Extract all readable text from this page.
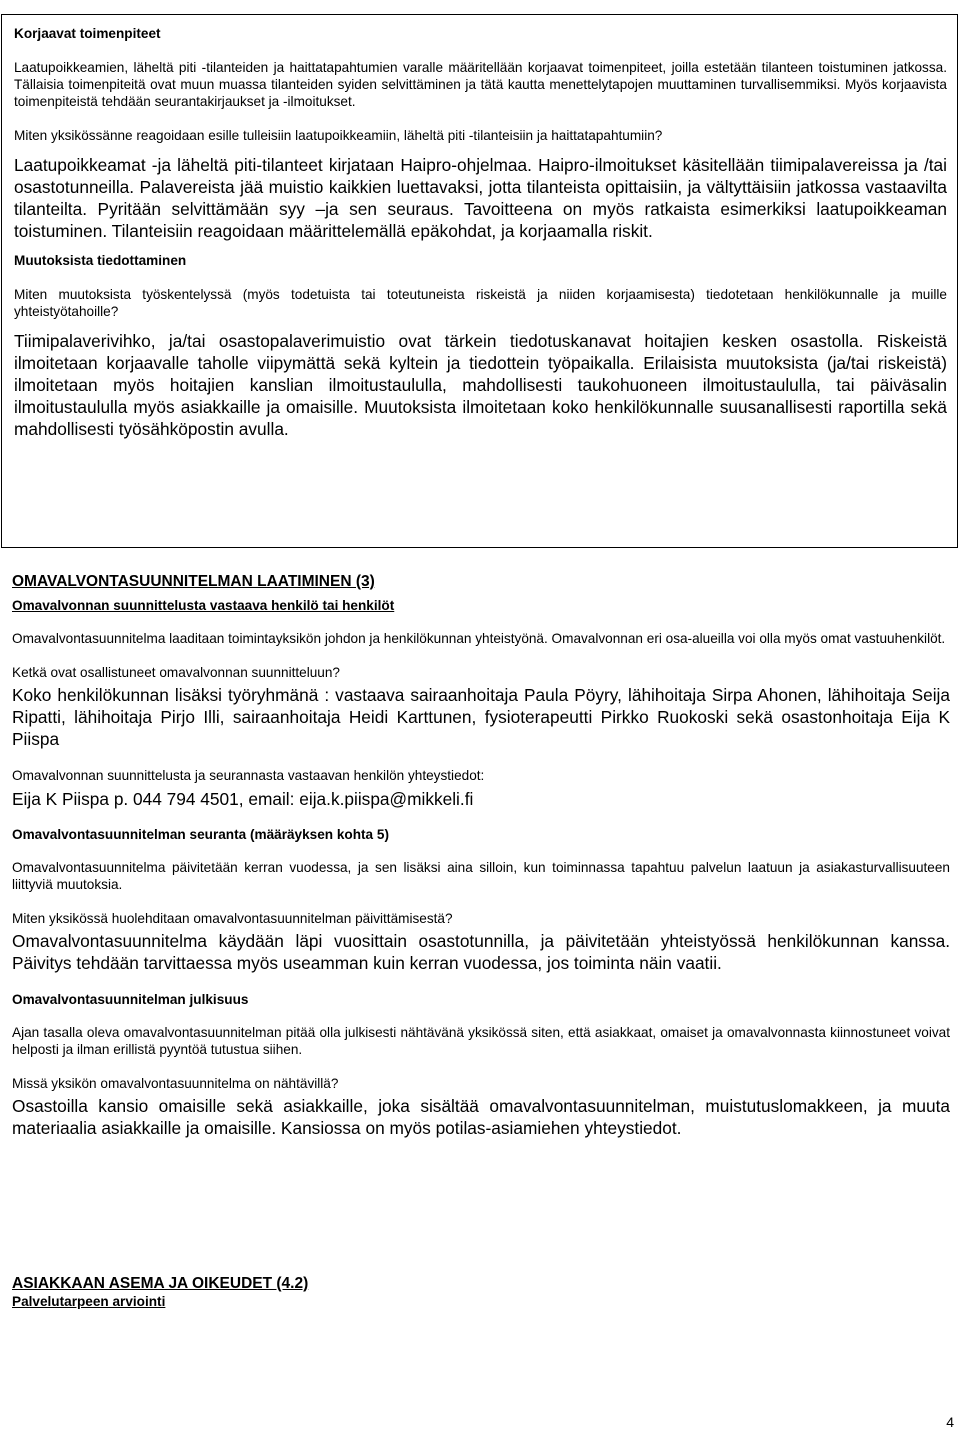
Korjaavat toimenpiteet

Laatupoikkeamien, läheltä piti -tilanteiden ja haittatapahtumien varalle määritellään korjaavat toimenpiteet, joilla estetään tilanteen toistuminen jatkossa. Tällaisia toimenpiteitä ovat muun muassa tilanteiden syiden selvittäminen ja tätä kautta menettelytapojen muuttaminen turvallisemmiksi. Myös korjaavista toimenpiteistä tehdään seurantakirjaukset ja -ilmoitukset.

Miten yksikössänne reagoidaan esille tulleisiin laatupoikkeamiin, läheltä piti -tilanteisiin ja haittatapahtumiin?

Laatupoikkeamat -ja läheltä piti-tilanteet kirjataan Haipro-ohjelmaa. Haipro-ilmoitukset käsitellään tiimipalavereissa ja /tai osastotunneilla. Palavereista jää muistio kaikkien luettavaksi, jotta tilanteista opittaisiin, ja vältyttäisiin jatkossa vastaavilta tilanteilta. Pyritään selvittämään syy –ja sen seuraus. Tavoitteena on myös ratkaista esimerkiksi laatupoikkeaman toistuminen. Tilanteisiin reagoidaan määrittelemällä epäkohdat, ja korjaamalla riskit.

Muutoksista tiedottaminen

Miten muutoksista työskentelyssä (myös todetuista tai toteutuneista riskeistä ja niiden korjaamisesta) tiedotetaan henkilökunnalle ja muille yhteistyötahoille?

Tiimipalaverivihko, ja/tai osastopalaverimuistio ovat tärkein tiedotuskanavat hoitajien kesken osastolla. Riskeistä ilmoitetaan korjaavalle taholle viipymättä sekä kyltein ja tiedottein työpaikalla. Erilaisista muutoksista (ja/tai riskeistä) ilmoitetaan myös hoitajien kanslian ilmoitustaululla, mahdollisesti taukohuoneen ilmoitustaululla, tai päiväsalin ilmoitustaululla myös asiakkaille ja omaisille. Muutoksista ilmoitetaan koko henkilökunnalle suusanallisesti raportilla sekä mahdollisesti työsähköpostin avulla.

OMAVALVONTASUUNNITELMAN LAATIMINEN (3)

Omavalvonnan suunnittelusta vastaava henkilö tai henkilöt

Omavalvontasuunnitelma laaditaan toimintayksikön johdon ja henkilökunnan yhteistyönä. Omavalvonnan eri osa-alueilla voi olla myös omat vastuuhenkilöt.

Ketkä ovat osallistuneet omavalvonnan suunnitteluun?

Koko henkilökunnan lisäksi työryhmänä : vastaava sairaanhoitaja Paula Pöyry, lähihoitaja Sirpa Ahonen, lähihoitaja Seija Ripatti, lähihoitaja Pirjo Illi, sairaanhoitaja Heidi Karttunen, fysioterapeutti Pirkko Ruokoski sekä osastonhoitaja Eija K Piispa

Omavalvonnan suunnittelusta ja seurannasta vastaavan henkilön yhteystiedot:

Eija K Piispa p. 044 794 4501, email: eija.k.piispa@mikkeli.fi

Omavalvontasuunnitelman seuranta (määräyksen kohta 5)

Omavalvontasuunnitelma päivitetään kerran vuodessa, ja sen lisäksi aina silloin, kun toiminnassa tapahtuu palvelun laatuun ja asiakasturvallisuuteen liittyviä muutoksia.

Miten yksikössä huolehditaan omavalvontasuunnitelman päivittämisestä?

Omavalvontasuunnitelma käydään läpi vuosittain osastotunnilla, ja päivitetään yhteistyössä henkilökunnan kanssa. Päivitys tehdään tarvittaessa myös useamman kuin kerran vuodessa, jos toiminta näin vaatii.

Omavalvontasuunnitelman julkisuus

Ajan tasalla oleva omavalvontasuunnitelman pitää olla julkisesti nähtävänä yksikössä siten, että asiakkaat, omaiset ja omavalvonnasta kiinnostuneet voivat helposti ja ilman erillistä pyyntöä tutustua siihen.

Missä yksikön omavalvontasuunnitelma on nähtävillä?

Osastoilla kansio omaisille sekä asiakkaille, joka sisältää omavalvontasuunnitelman, muistutuslomakkeen, ja muuta materiaalia asiakkaille ja omaisille. Kansiossa on myös potilas-asiamiehen yhteystiedot.

ASIAKKAAN ASEMA JA OIKEUDET (4.2)

Palvelutarpeen arviointi

4
